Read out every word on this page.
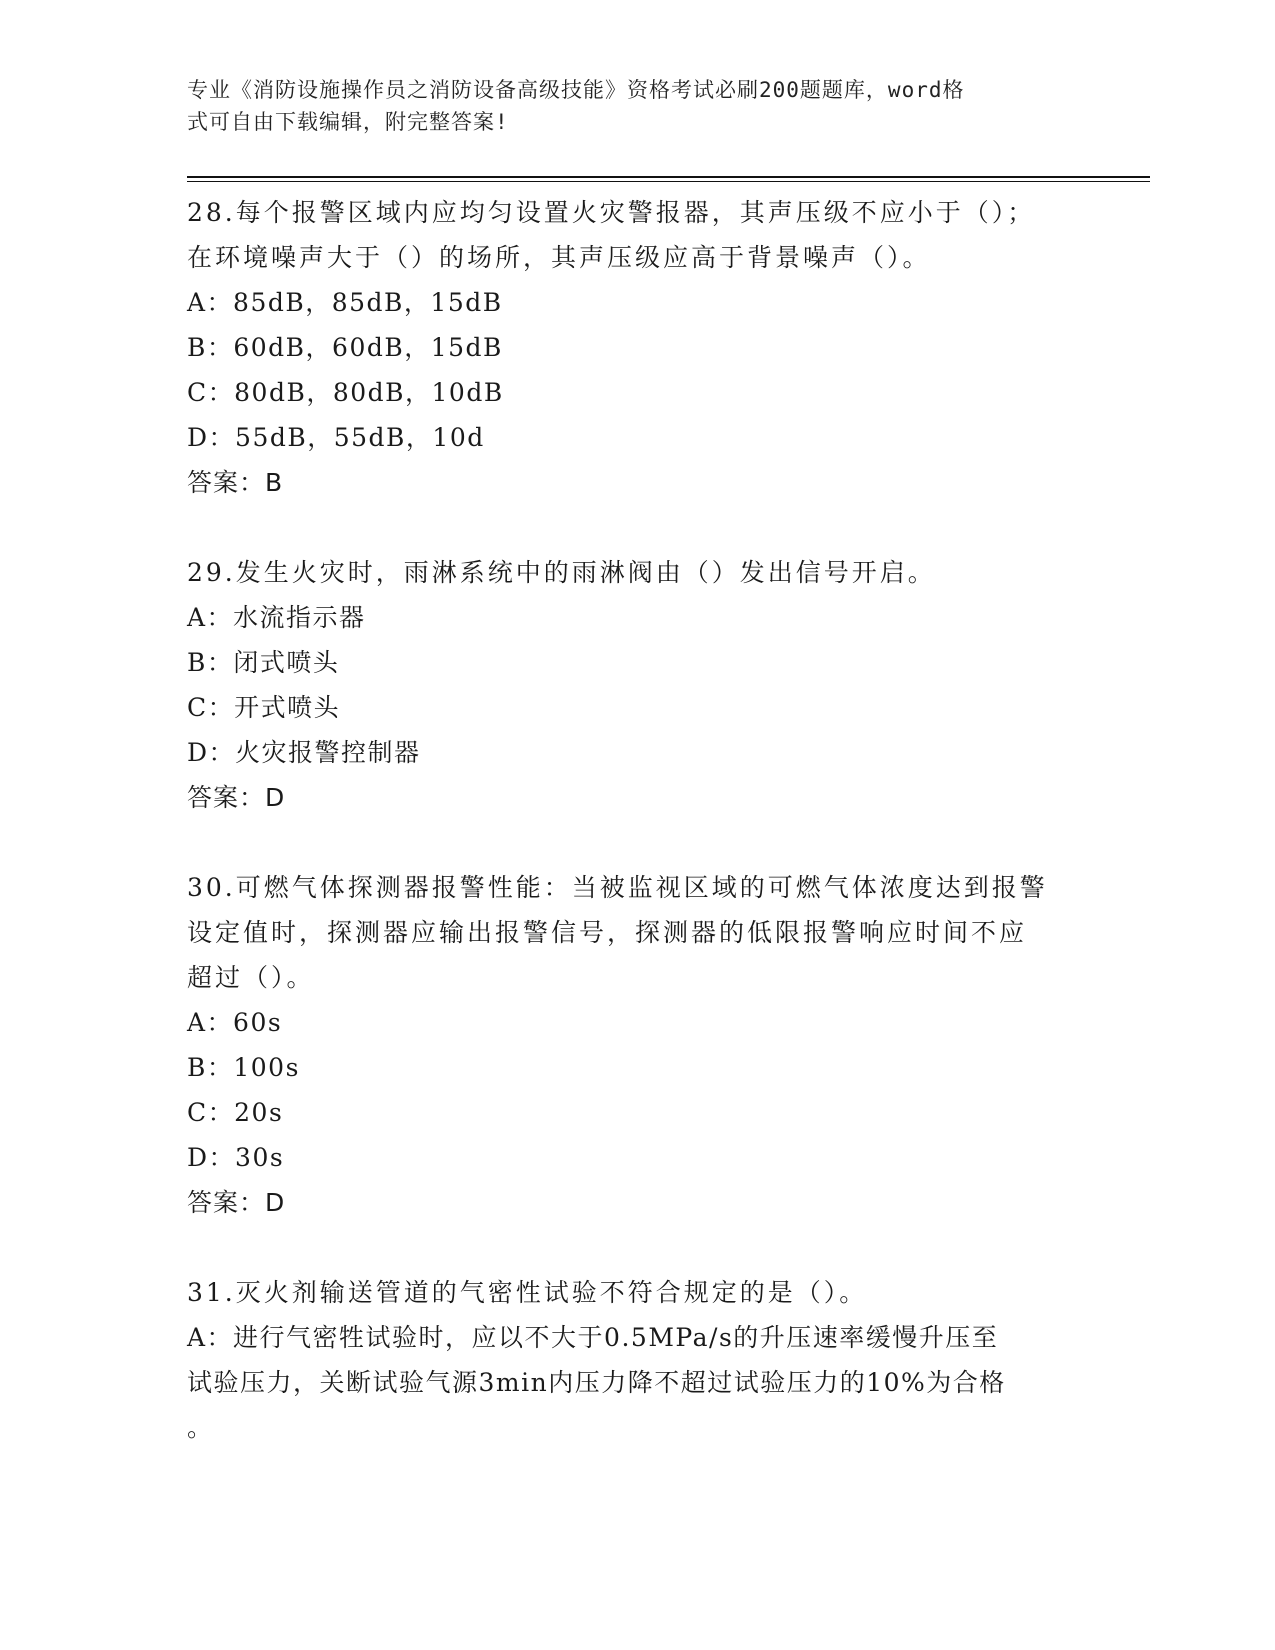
专业《消防设施操作员之消防设备高级技能》资格考试必刷200题题库，word格
式可自由下载编辑，附完整答案!
28.每个报警区域内应均匀设置火灾警报器，其声压级不应小于（）；
在环境噪声大于（）的场所，其声压级应高于背景噪声（）。
A：85dB，85dB，15dB
B：60dB，60dB，15dB
C：80dB，80dB，10dB
D：55dB，55dB，10d
答案：B
29.发生火灾时，雨淋系统中的雨淋阀由（）发出信号开启。
A：水流指示器
B：闭式喷头
C：开式喷头
D：火灾报警控制器
答案：D
30.可燃气体探测器报警性能：当被监视区域的可燃气体浓度达到报警
设定值时，探测器应输出报警信号，探测器的低限报警响应时间不应
超过（）。
A：60s
B：100s
C：20s
D：30s
答案：D
31.灭火剂输送管道的气密性试验不符合规定的是（）。
A：进行气密牲试验时，应以不大于0.5MPa/s的升压速率缓慢升压至
试验压力，关断试验气源3min内压力降不超过试验压力的10%为合格
。
